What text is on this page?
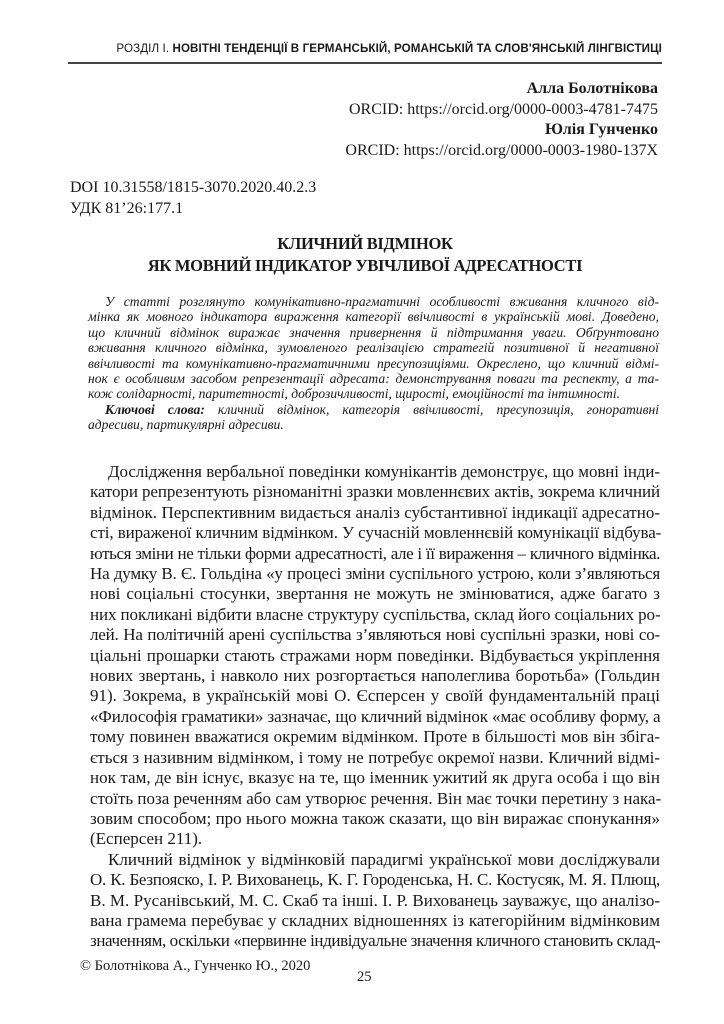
РОЗДІЛ І. НОВІТНІ ТЕНДЕНЦІЇ В ГЕРМАНСЬКІЙ, РОМАНСЬКІЙ ТА СЛОВ'ЯНСЬКІЙ ЛІНГВІСТИЦІ
Алла Болотнікова
ORCID: https://orcid.org/0000-0003-4781-7475
Юлія Гунченко
ORCID: https://orcid.org/0000-0003-1980-137X
DOI 10.31558/1815-3070.2020.40.2.3
УДК 81’26:177.1
КЛИЧНИЙ ВІДМІНОК
ЯК МОВНИЙ ІНДИКАТОР УВІЧЛИВОЇ АДРЕСАТНОСТІ
У статті розглянуто комунікативно-прагматичні особливості вживання кличного від-
мінка як мовного індикатора вираження категорії ввічливості в українській мові. Доведено,
що кличний відмінок виражає значення привернення й підтримання уваги. Обґрунтовано
вживання кличного відмінка, зумовленого реалізацією стратегій позитивної й негативної
ввічливості та комунікативно-прагматичними пресупозиціями. Окреслено, що кличний відмі-
нок є особливим засобом репрезентації адресата: демонстрування поваги та респекту, а та-
кож солідарності, паритетності, доброзичливості, щирості, емоційності та інтимності.
Ключові слова: кличний відмінок, категорія ввічливості, пресупозиція, гоноративні
адресиви, партикулярні адресиви.
Дослідження вербальної поведінки комунікантів демонструє, що мовні інди-
катори репрезентують різноманітні зразки мовленнєвих актів, зокрема кличний
відмінок. Перспективним видається аналіз субстантивної індикації адресатно-
сті, вираженої кличним відмінком. У сучасній мовленнєвій комунікації відбува-
ються зміни не тільки форми адресатності, але і її вираження – кличного відмінка.
На думку В. Є. Гольдіна «у процесі зміни суспільного устрою, коли з’являються
нові соціальні стосунки, звертання не можуть не змінюватися, адже багато з
них покликані відбити власне структуру суспільства, склад його соціальних ро-
лей. На політичній арені суспільства з’являються нові суспільні зразки, нові со-
ціальні прошарки стають стражами норм поведінки. Відбувається укріплення
нових звертань, і навколо них розгортається наполеглива боротьба» (Гольдин
91). Зокрема, в українській мові О. Єсперсен у своїй фундаментальній праці
«Философія граматики» зазначає, що кличний відмінок «має особливу форму, а
тому повинен вважатися окремим відмінком. Проте в більшості мов він збіга-
ється з називним відмінком, і тому не потребує окремої назви. Кличний відмі-
нок там, де він існує, вказує на те, що іменник ужитий як друга особа і що він
стоїть поза реченням або сам утворює речення. Він має точки перетину з нака-
зовим способом; про нього можна також сказати, що він виражає спонукання»
(Есперсен 211).
Кличний відмінок у відмінковій парадигмі української мови досліджували
О. К. Безпояско, І. Р. Вихованець, К. Г. Городенська, Н. С. Костусяк, М. Я. Плющ,
В. М. Русанівський, М. С. Скаб та інші. І. Р. Вихованець зауважує, що аналізо-
вана грамема перебуває у складних відношеннях із категорійним відмінковим
значенням, оскільки «первинне індивідуальне значення кличного становить склад-
© Болотнікова А., Гунченко Ю., 2020
25
